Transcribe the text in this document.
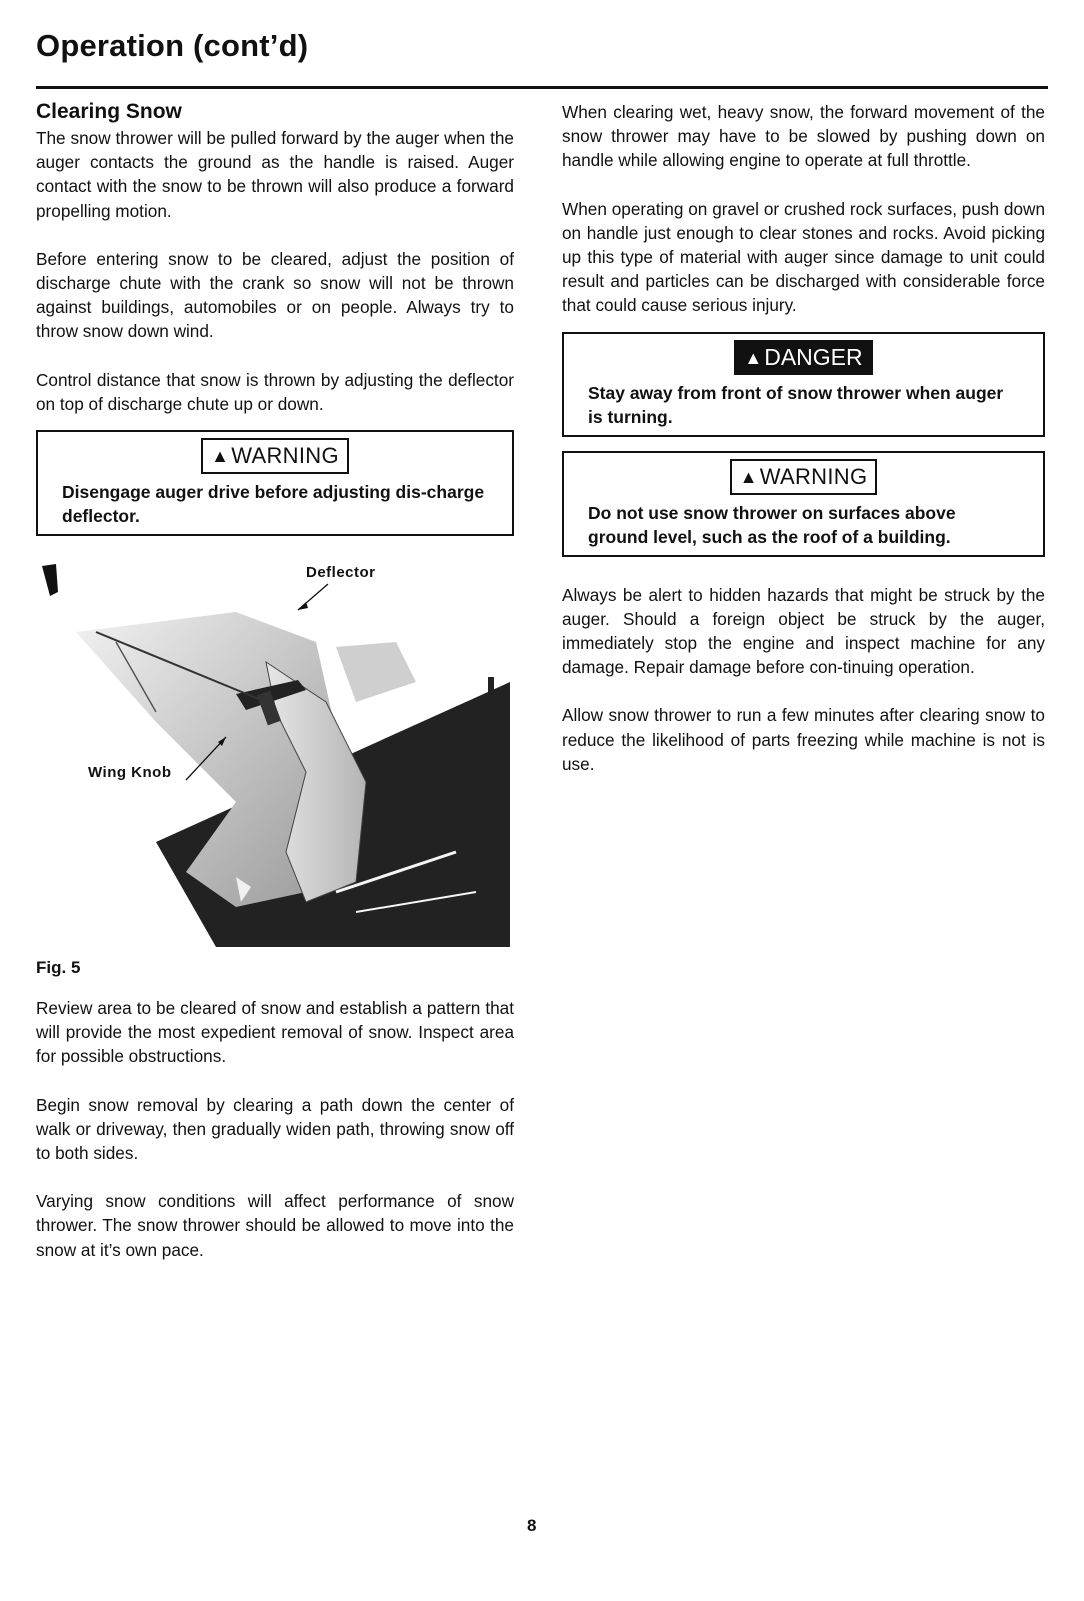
Operation (cont’d)
Clearing Snow

The snow thrower will be pulled forward by the auger when the auger contacts the ground as the handle is raised. Auger contact with the snow to be thrown will also produce a forward propelling motion.

Before entering snow to be cleared, adjust the position of discharge chute with the crank so snow will not be thrown against buildings, automobiles or on people. Always try to throw snow down wind.

Control distance that snow is thrown by adjusting the deflector on top of discharge chute up or down.

▲WARNING

Disengage auger drive before adjusting dis-charge deflector.

Deflector
Wing Knob
Fig. 5

Review area to be cleared of snow and establish a pattern that will provide the most expedient removal of snow. Inspect area for possible obstructions.

Begin snow removal by clearing a path down the center of walk or driveway, then gradually widen path, throwing snow off to both sides.

Varying snow conditions will affect performance of snow thrower. The snow thrower should be allowed to move into the snow at it’s own pace.

When clearing wet, heavy snow, the forward movement of the snow thrower may have to be slowed by pushing down on handle while allowing engine to operate at full throttle.

When operating on gravel or crushed rock surfaces, push down on handle just enough to clear stones and rocks. Avoid picking up this type of material with auger since damage to unit could result and particles can be discharged with considerable force that could cause serious injury.

▲DANGER

Stay away from front of snow thrower when auger is turning.

▲WARNING

Do not use snow thrower on surfaces above ground level, such as the roof of a building.

Always be alert to hidden hazards that might be struck by the auger. Should a foreign object be struck by the auger, immediately stop the engine and inspect machine for any damage. Repair damage before con-tinuing operation.

Allow snow thrower to run a few minutes after clearing snow to reduce the likelihood of parts freezing while machine is not is use.

8
